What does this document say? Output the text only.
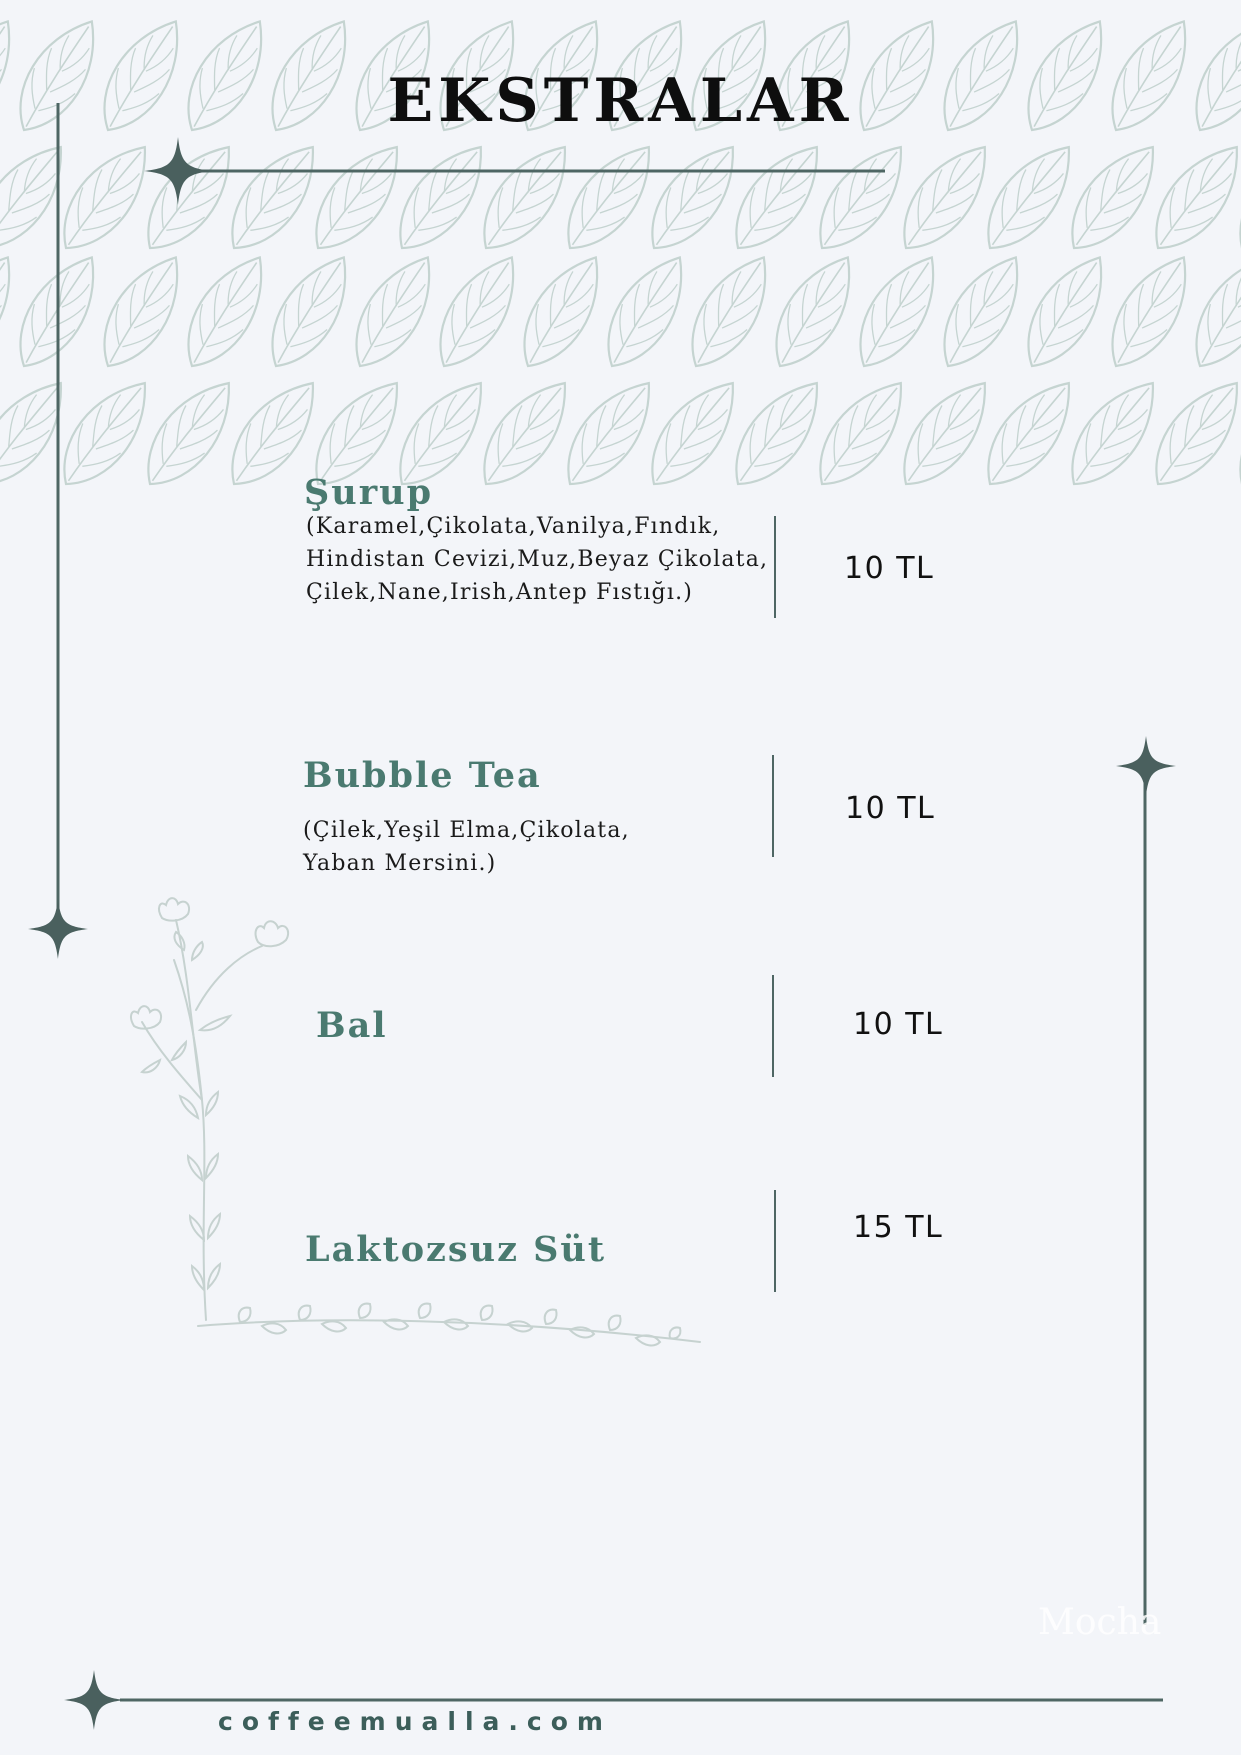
EKSTRALAR
Şurup
(Karamel,Çikolata,Vanilya,Fındık,
Hindistan Cevizi,Muz,Beyaz Çikolata,
Çilek,Nane,Irish,Antep Fıstığı.)
10 TL
Bubble Tea
(Çilek,Yeşil Elma,Çikolata,
Yaban Mersini.)
10 TL
Bal	10 TL
Laktozsuz Süt
15 TL
Mocha
coffeemualla.com
